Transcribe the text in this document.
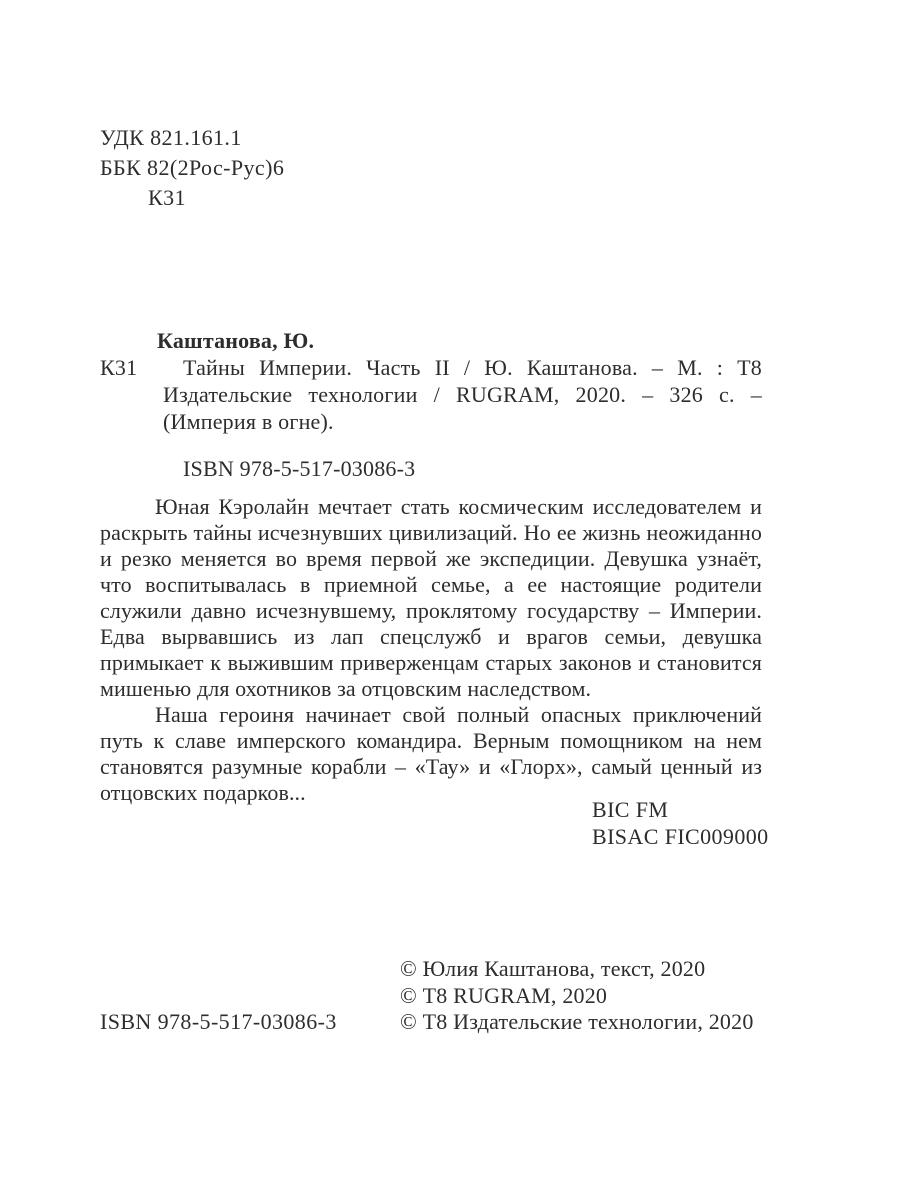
УДК 821.161.1
ББК 82(2Рос-Рус)6
К31
Каштанова, Ю.
К31	Тайны Империи. Часть II / Ю. Каштанова. – М. : Т8 Издательские технологии / RUGRAM, 2020. – 326 с. – (Империя в огне).
ISBN 978-5-517-03086-3

Юная Кэролайн мечтает стать космическим исследователем и раскрыть тайны исчезнувших цивилизаций. Но ее жизнь неожиданно и резко меняется во время первой же экспедиции. Девушка узнаёт, что воспитывалась в приемной семье, а ее настоящие родители служили давно исчезнувшему, проклятому государству – Империи. Едва вырвавшись из лап спецслужб и врагов семьи, девушка примыкает к выжившим приверженцам старых законов и становится мишенью для охотников за отцовским наследством.

Наша героиня начинает свой полный опасных приключений путь к славе имперского командира. Верным помощником на нем становятся разумные корабли – «Тау» и «Глорх», самый ценный из отцовских подарков...

BIC FM
BISAC FIC009000
ISBN 978-5-517-03086-3
© Юлия Каштанова, текст, 2020
© Т8 RUGRAM, 2020
© Т8 Издательские технологии, 2020
